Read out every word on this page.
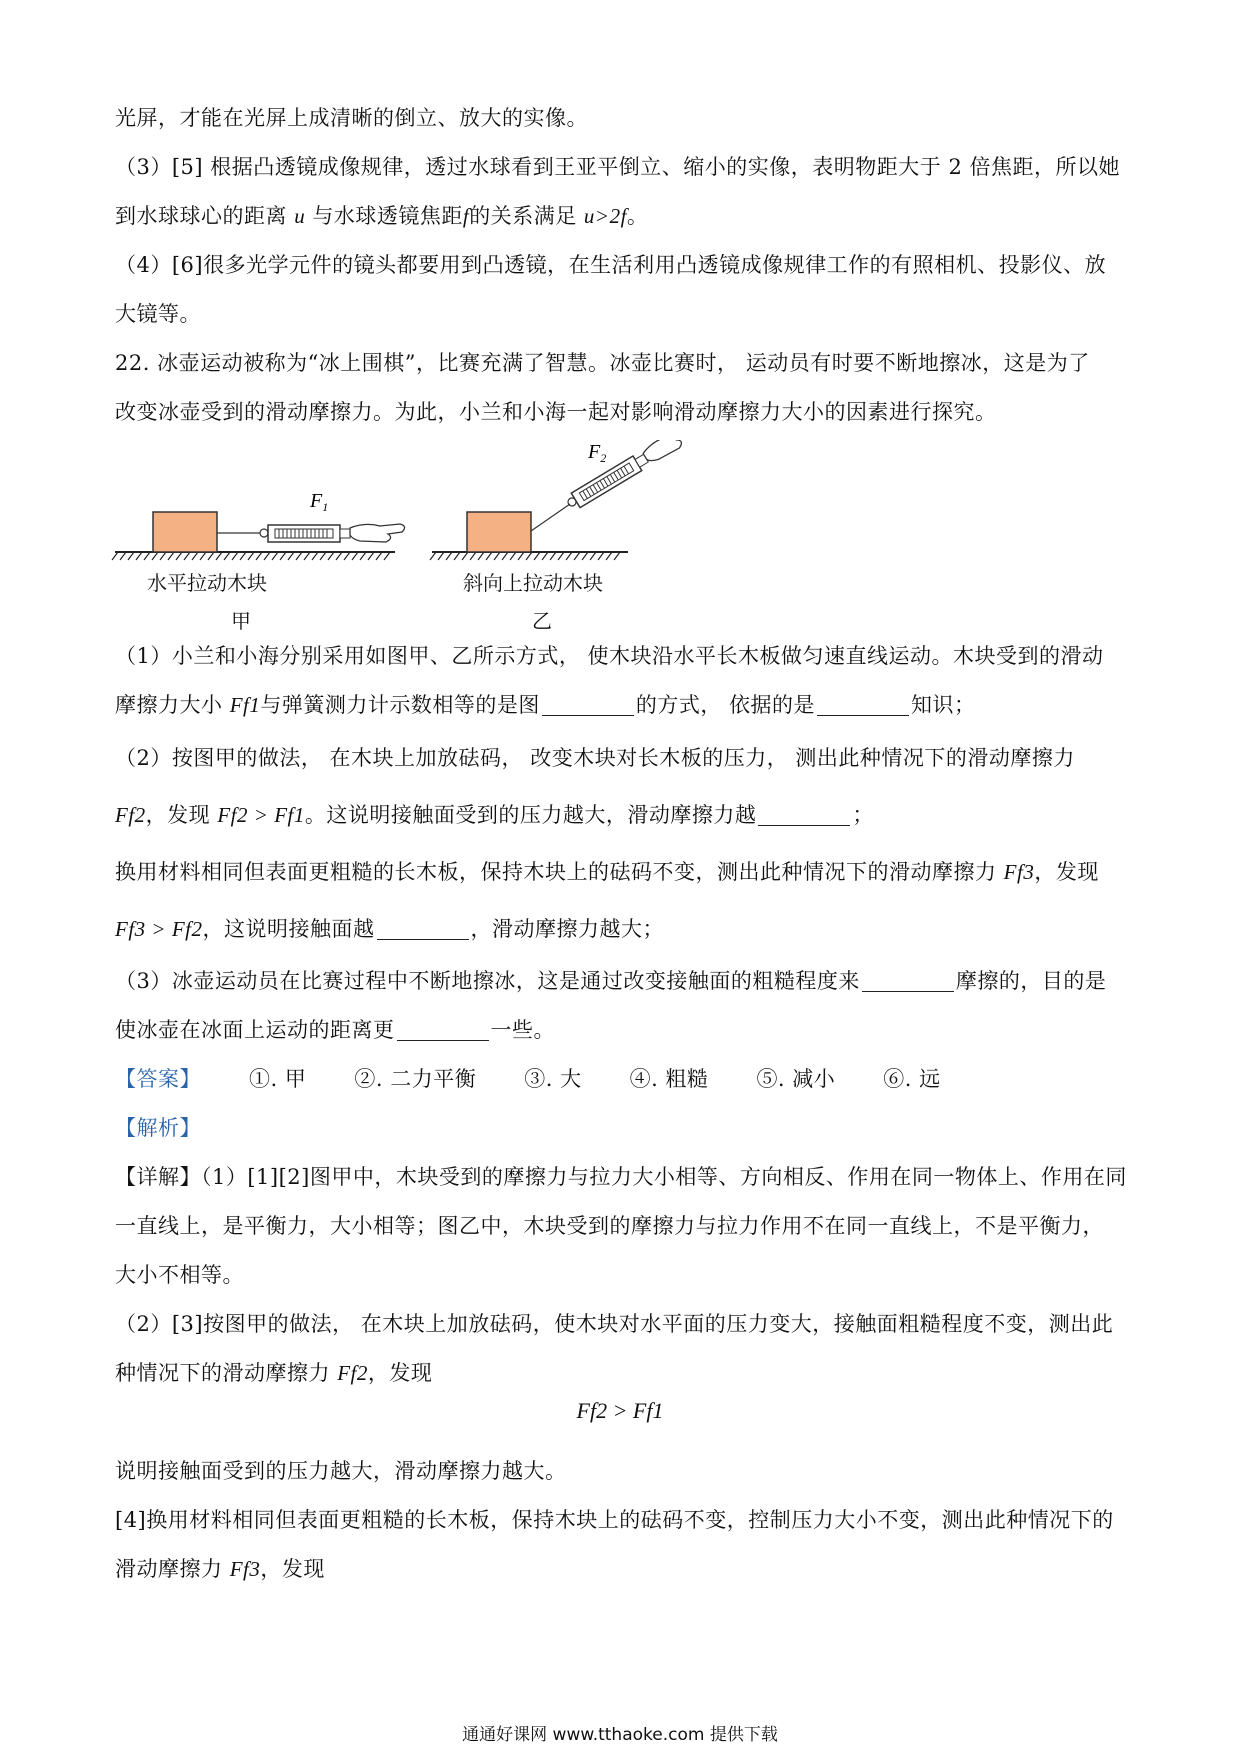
光屏，才能在光屏上成清晰的倒立、放大的实像。
（3）[5] 根据凸透镜成像规律，透过水球看到王亚平倒立、缩小的实像，表明物距大于 2 倍焦距，所以她
到水球球心的距离 u 与水球透镜焦距f的关系满足 u>2f。
（4）[6]很多光学元件的镜头都要用到凸透镜，在生活利用凸透镜成像规律工作的有照相机、投影仪、放
大镜等。
22. 冰壶运动被称为“冰上围棋”，比赛充满了智慧。冰壶比赛时， 运动员有时要不断地擦冰，这是为了
改变冰壶受到的滑动摩擦力。为此，小兰和小海一起对影响滑动摩擦力大小的因素进行探究。
$F_1$
$F_2$
水平拉动木块
甲
斜向上拉动木块
乙
（1）小兰和小海分别采用如图甲、乙所示方式， 使木块沿水平长木板做匀速直线运动。木块受到的滑动
摩擦力大小 Ff1与弹簧测力计示数相等的是图	的方式， 依据的是	知识；
（2）按图甲的做法， 在木块上加放砝码， 改变木块对长木板的压力， 测出此种情况下的滑动摩擦力
Ff2，发现 Ff2 > Ff1。这说明接触面受到的压力越大，滑动摩擦力越	；
换用材料相同但表面更粗糙的长木板，保持木块上的砝码不变，测出此种情况下的滑动摩擦力 Ff3，发现
Ff3 > Ff2，这说明接触面越	，滑动摩擦力越大；
（3）冰壶运动员在比赛过程中不断地擦冰，这是通过改变接触面的粗糙程度来	摩擦的，目的是
使冰壶在冰面上运动的距离更	一些。
【答案】 ①. 甲 ②. 二力平衡 ③. 大 ④. 粗糙 ⑤. 减小 ⑥. 远
【解析】
【详解】（1）[1][2]图甲中，木块受到的摩擦力与拉力大小相等、方向相反、作用在同一物体上、作用在同
一直线上，是平衡力，大小相等；图乙中，木块受到的摩擦力与拉力作用不在同一直线上，不是平衡力，
大小不相等。
（2）[3]按图甲的做法， 在木块上加放砝码，使木块对水平面的压力变大，接触面粗糙程度不变，测出此
种情况下的滑动摩擦力 Ff2，发现
Ff2 > Ff1
说明接触面受到的压力越大，滑动摩擦力越大。
[4]换用材料相同但表面更粗糙的长木板，保持木块上的砝码不变，控制压力大小不变，测出此种情况下的
滑动摩擦力 Ff3，发现
通通好课网 www.tthaoke.com 提供下载
